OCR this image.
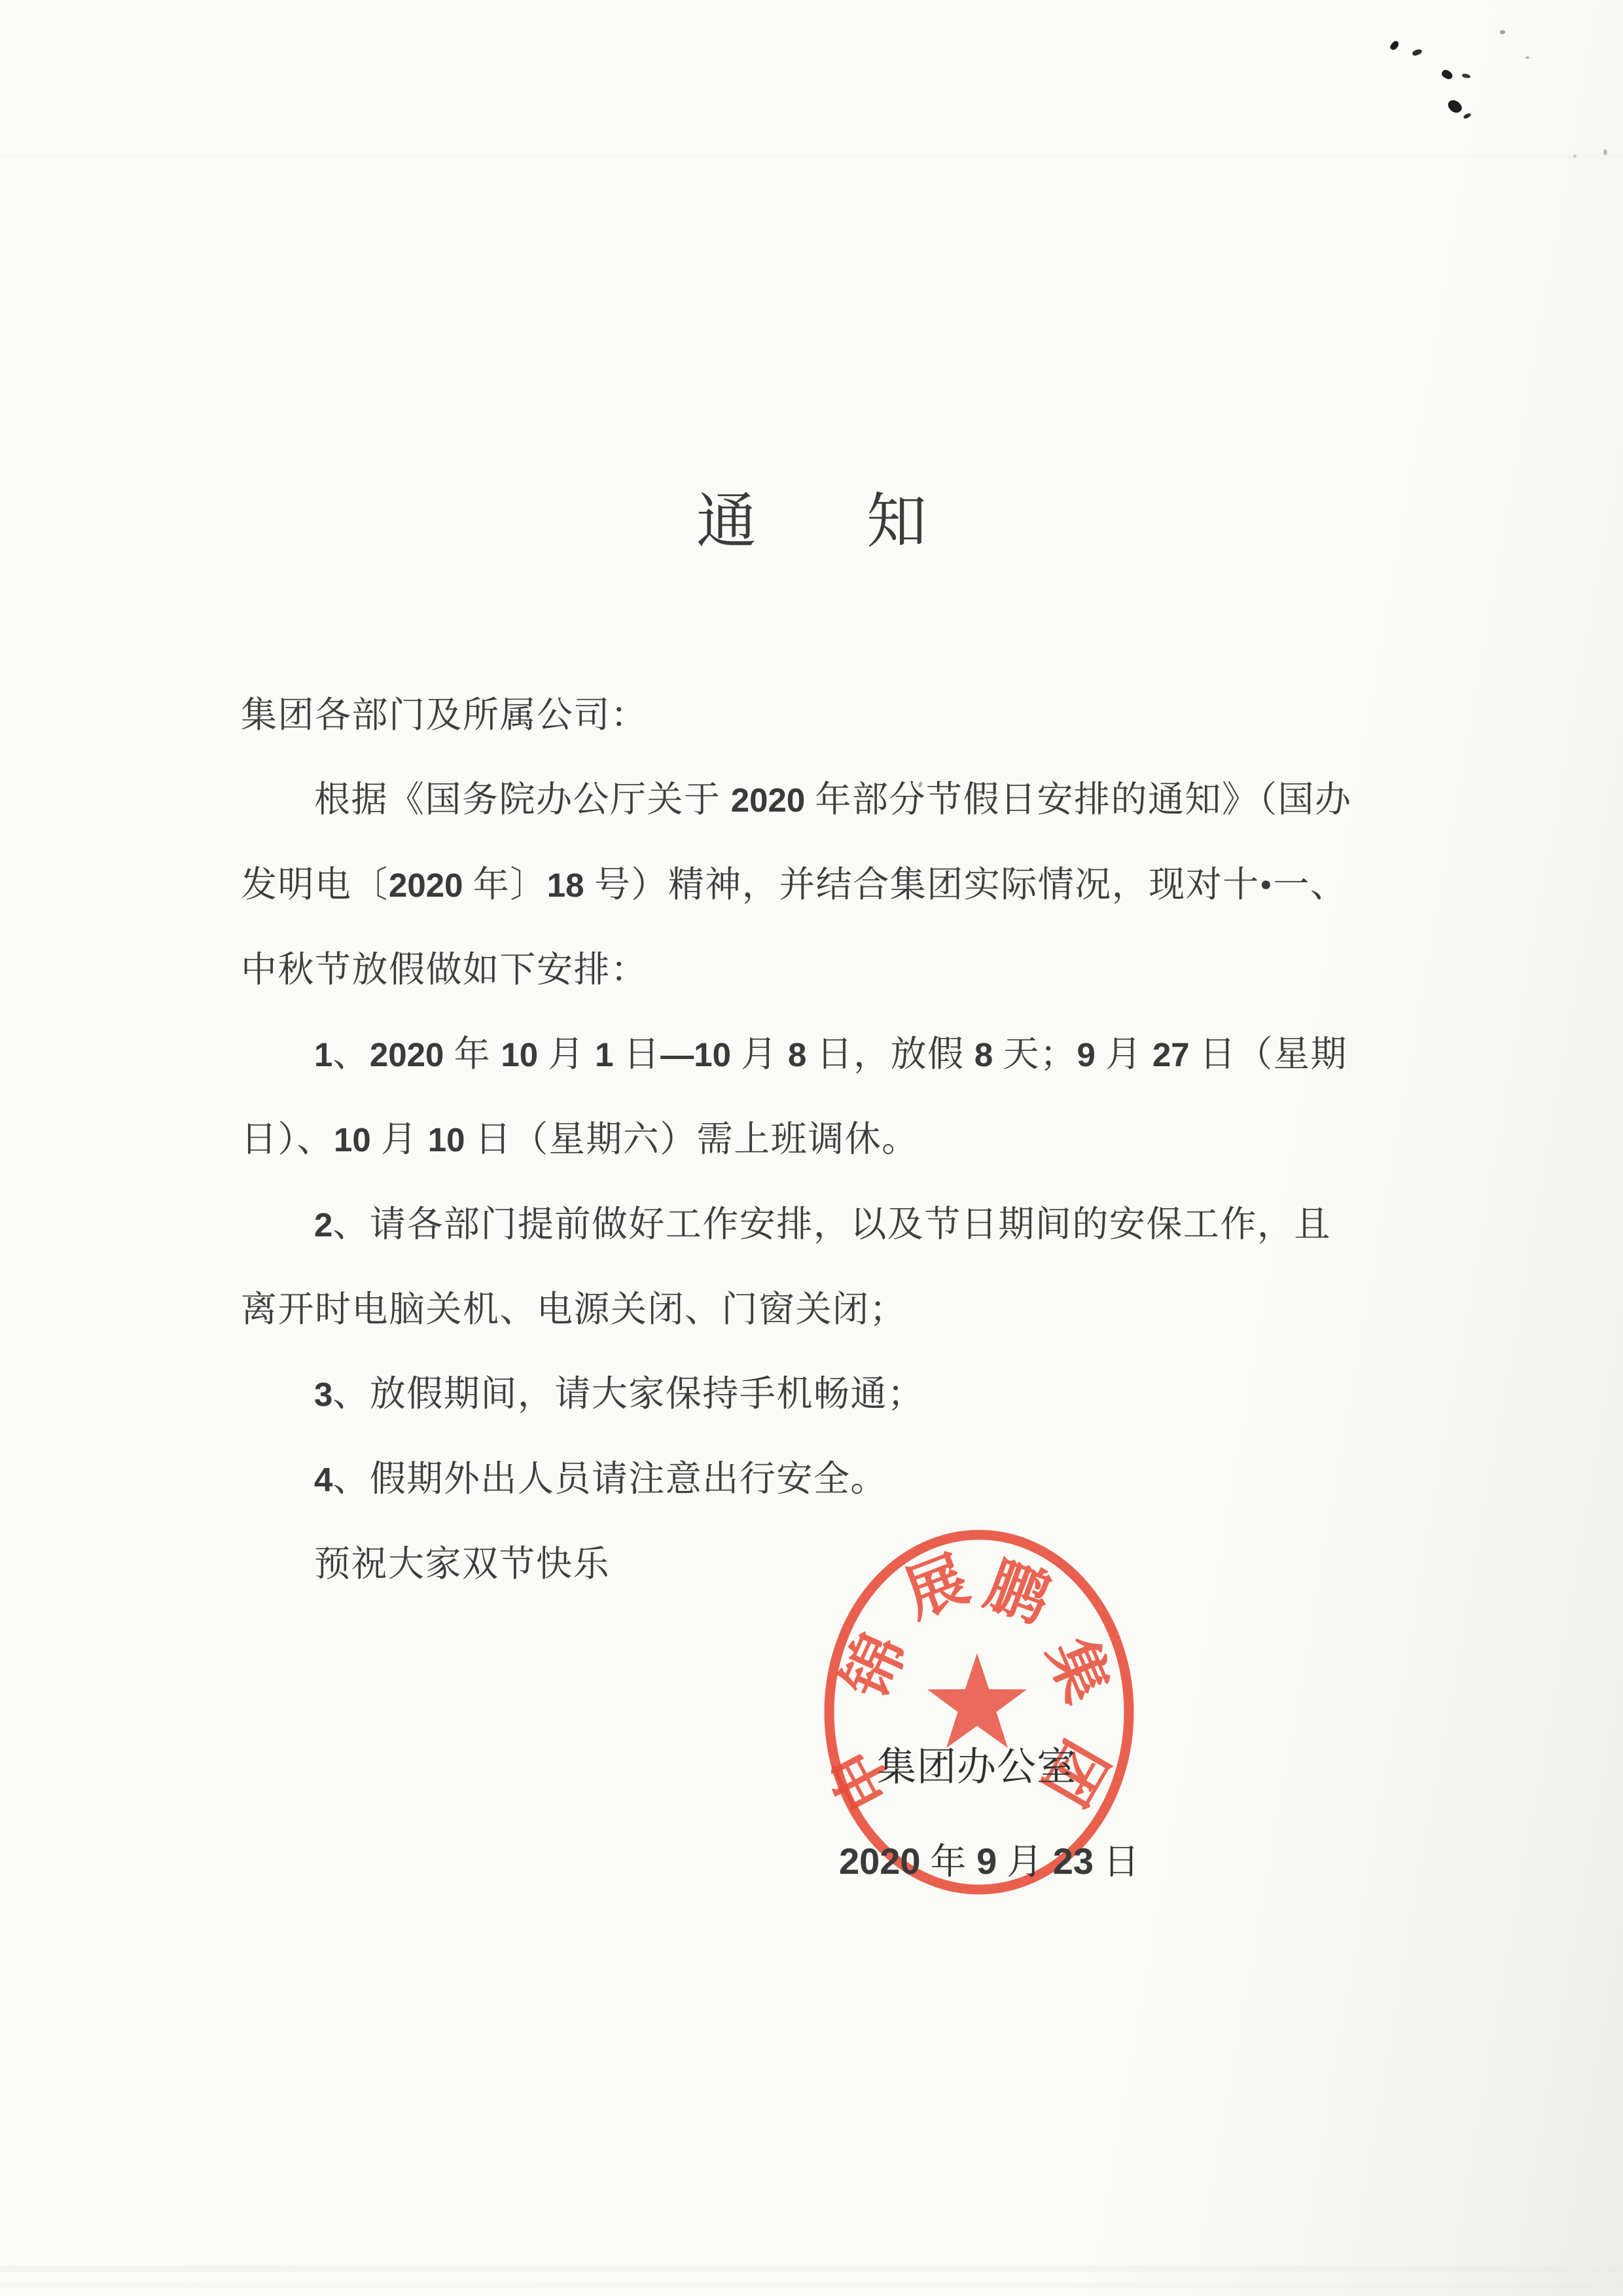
通 知
集团各部门及所属公司：
根据《国务院办公厅关于 2020 年部分节假日安排的通知》（国办
发明电〔2020 年〕18 号）精神，并结合集团实际情况，现对十•一、
中秋节放假做如下安排：
1、2020 年 10 月 1 日—10 月 8 日，放假 8 天；9 月 27 日（星期
日）、10 月 10 日（星期六）需上班调休。
2、请各部门提前做好工作安排，以及节日期间的安保工作，且
离开时电脑关机、电源关闭、门窗关闭；
3、放假期间，请大家保持手机畅通；
4、假期外出人员请注意出行安全。
预祝大家双节快乐
申
锦
展 鹏
集
团
集团办公室
2020 年 9 月 23 日
